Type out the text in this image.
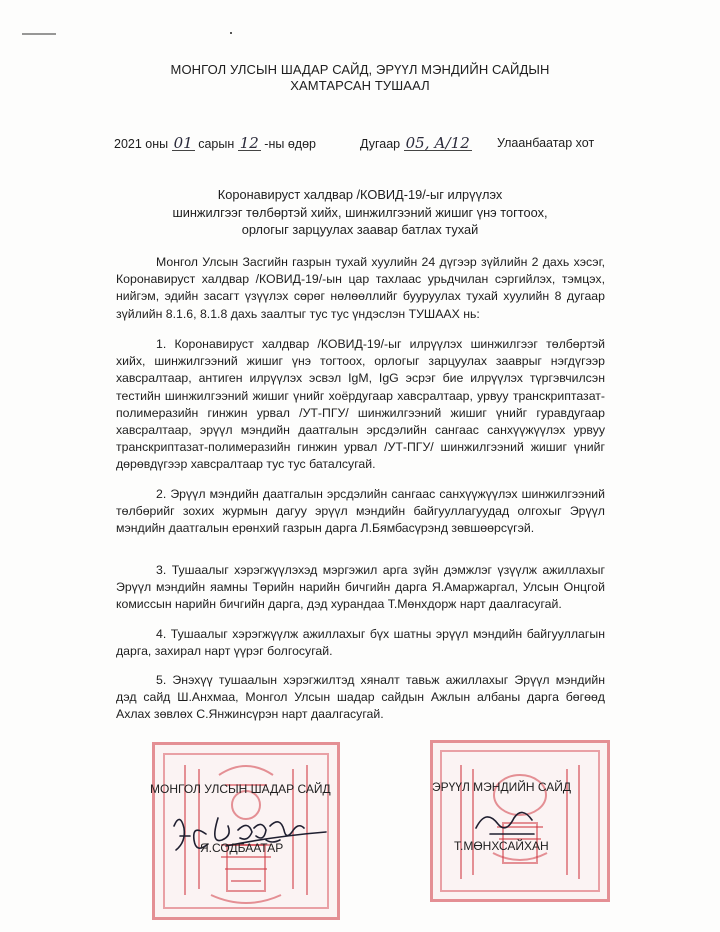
МОНГОЛ УЛСЫН ШАДАР САЙД, ЭРҮҮЛ МЭНДИЙН САЙДЫН
ХАМТАРСАН ТУШААЛ
2021 оны 01 сарын 12 -ны өдөр	Дугаар 05, А/12 Улаанбаатар хот
Коронавируст халдвар /КОВИД-19/-ыг илрүүлэх
шинжилгээг төлбөртэй хийх, шинжилгээний жишиг үнэ тогтоох,
орлогыг зарцуулах заавар батлах тухай

Монгол Улсын Засгийн газрын тухай хуулийн 24 дүгээр зүйлийн 2 дахь хэсэг, Коронавируст халдвар /КОВИД-19/-ын цар тахлаас урьдчилан сэргийлэх, тэмцэх, нийгэм, эдийн засагт үзүүлэх сөрөг нөлөөллийг бууруулах тухай хуулийн 8 дугаар зүйлийн 8.1.6, 8.1.8 дахь заалтыг тус тус үндэслэн ТУШААХ нь:

1. Коронавируст халдвар /КОВИД-19/-ыг илрүүлэх шинжилгээг төлбөртэй хийх, шинжилгээний жишиг үнэ тогтоох, орлогыг зарцуулах зааврыг нэгдүгээр хавсралтаар, антиген илрүүлэх эсвэл IgM, IgG эсрэг бие илрүүлэх түргэвчилсэн тестийн шинжилгээний жишиг үнийг хоёрдугаар хавсралтаар, урвуу транскриптазат-полимеразийн гинжин урвал /УТ-ПГУ/ шинжилгээний жишиг үнийг гуравдугаар хавсралтаар, эрүүл мэндийн даатгалын эрсдэлийн сангаас санхүүжүүлэх урвуу транскриптазат-полимеразийн гинжин урвал /УТ-ПГУ/ шинжилгээний жишиг үнийг дөрөвдүгээр хавсралтаар тус тус баталсугай.

2. Эрүүл мэндийн даатгалын эрсдэлийн сангаас санхүүжүүлэх шинжилгээний төлбөрийг зохих журмын дагуу эрүүл мэндийн байгууллагуудад олгохыг Эрүүл мэндийн даатгалын ерөнхий газрын дарга Л.Бямбасүрэнд зөвшөөрсүгэй.

3. Тушаалыг хэрэгжүүлэхэд мэргэжил арга зүйн дэмжлэг үзүүлж ажиллахыг Эрүүл мэндийн яамны Төрийн нарийн бичгийн дарга Я.Амаржаргал, Улсын Онцгой комиссын нарийн бичгийн дарга, дэд хурандаа Т.Мөнхдорж нарт даалгасугай.

4. Тушаалыг хэрэгжүүлж ажиллахыг бүх шатны эрүүл мэндийн байгууллагын дарга, захирал нарт үүрэг болгосугай.

5. Энэхүү тушаалын хэрэгжилтэд хяналт тавьж ажиллахыг Эрүүл мэндийн дэд сайд Ш.Анхмаа, Монгол Улсын шадар сайдын Ажлын албаны дарга бөгөөд Ахлах зөвлөх С.Янжинсүрэн нарт даалгасугай.

МОНГОЛ УЛСЫН ШАДАР САЙД
Я.СОДБААТАР
ЭРҮҮЛ МЭНДИЙН САЙД
Т.МӨНХСАЙХАН
